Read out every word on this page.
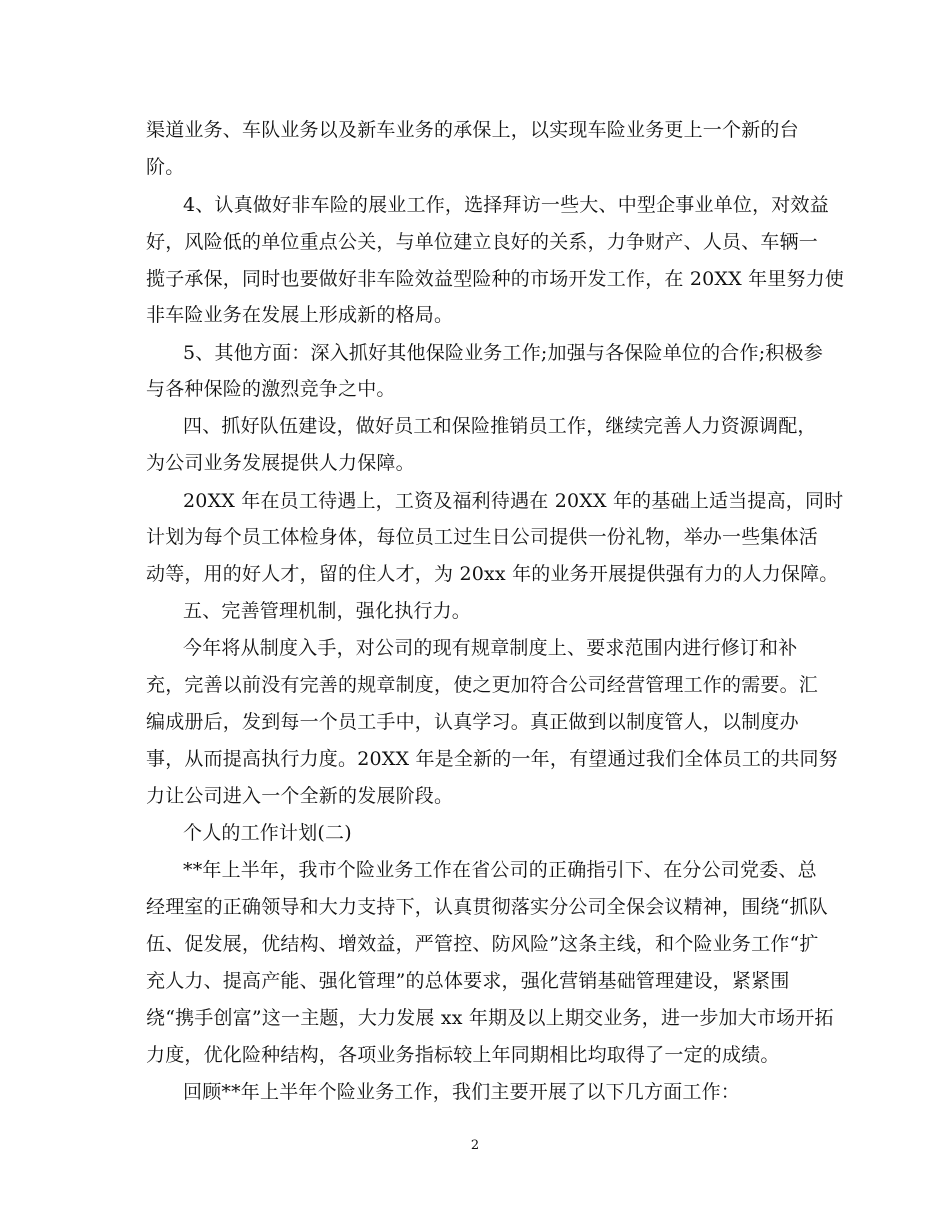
渠道业务、车队业务以及新车业务的承保上，以实现车险业务更上一个新的台
阶。
4、认真做好非车险的展业工作，选择拜访一些大、中型企事业单位，对效益
好，风险低的单位重点公关，与单位建立良好的关系，力争财产、人员、车辆一
揽子承保，同时也要做好非车险效益型险种的市场开发工作，在 20XX 年里努力使
非车险业务在发展上形成新的格局。
5、其他方面：深入抓好其他保险业务工作;加强与各保险单位的合作;积极参
与各种保险的激烈竞争之中。
四、抓好队伍建设，做好员工和保险推销员工作，继续完善人力资源调配，
为公司业务发展提供人力保障。
20XX 年在员工待遇上，工资及福利待遇在 20XX 年的基础上适当提高，同时
计划为每个员工体检身体，每位员工过生日公司提供一份礼物，举办一些集体活
动等，用的好人才，留的住人才，为 20xx 年的业务开展提供强有力的人力保障。
五、完善管理机制，强化执行力。
今年将从制度入手，对公司的现有规章制度上、要求范围内进行修订和补
充，完善以前没有完善的规章制度，使之更加符合公司经营管理工作的需要。汇
编成册后，发到每一个员工手中，认真学习。真正做到以制度管人，以制度办
事，从而提高执行力度。20XX 年是全新的一年，有望通过我们全体员工的共同努
力让公司进入一个全新的发展阶段。
个人的工作计划(二)
**年上半年，我市个险业务工作在省公司的正确指引下、在分公司党委、总
经理室的正确领导和大力支持下，认真贯彻落实分公司全保会议精神，围绕“抓队
伍、促发展，优结构、增效益，严管控、防风险”这条主线，和个险业务工作“扩
充人力、提高产能、强化管理”的总体要求，强化营销基础管理建设，紧紧围
绕“携手创富”这一主题，大力发展 xx 年期及以上期交业务，进一步加大市场开拓
力度，优化险种结构，各项业务指标较上年同期相比均取得了一定的成绩。
回顾**年上半年个险业务工作，我们主要开展了以下几方面工作：
2
